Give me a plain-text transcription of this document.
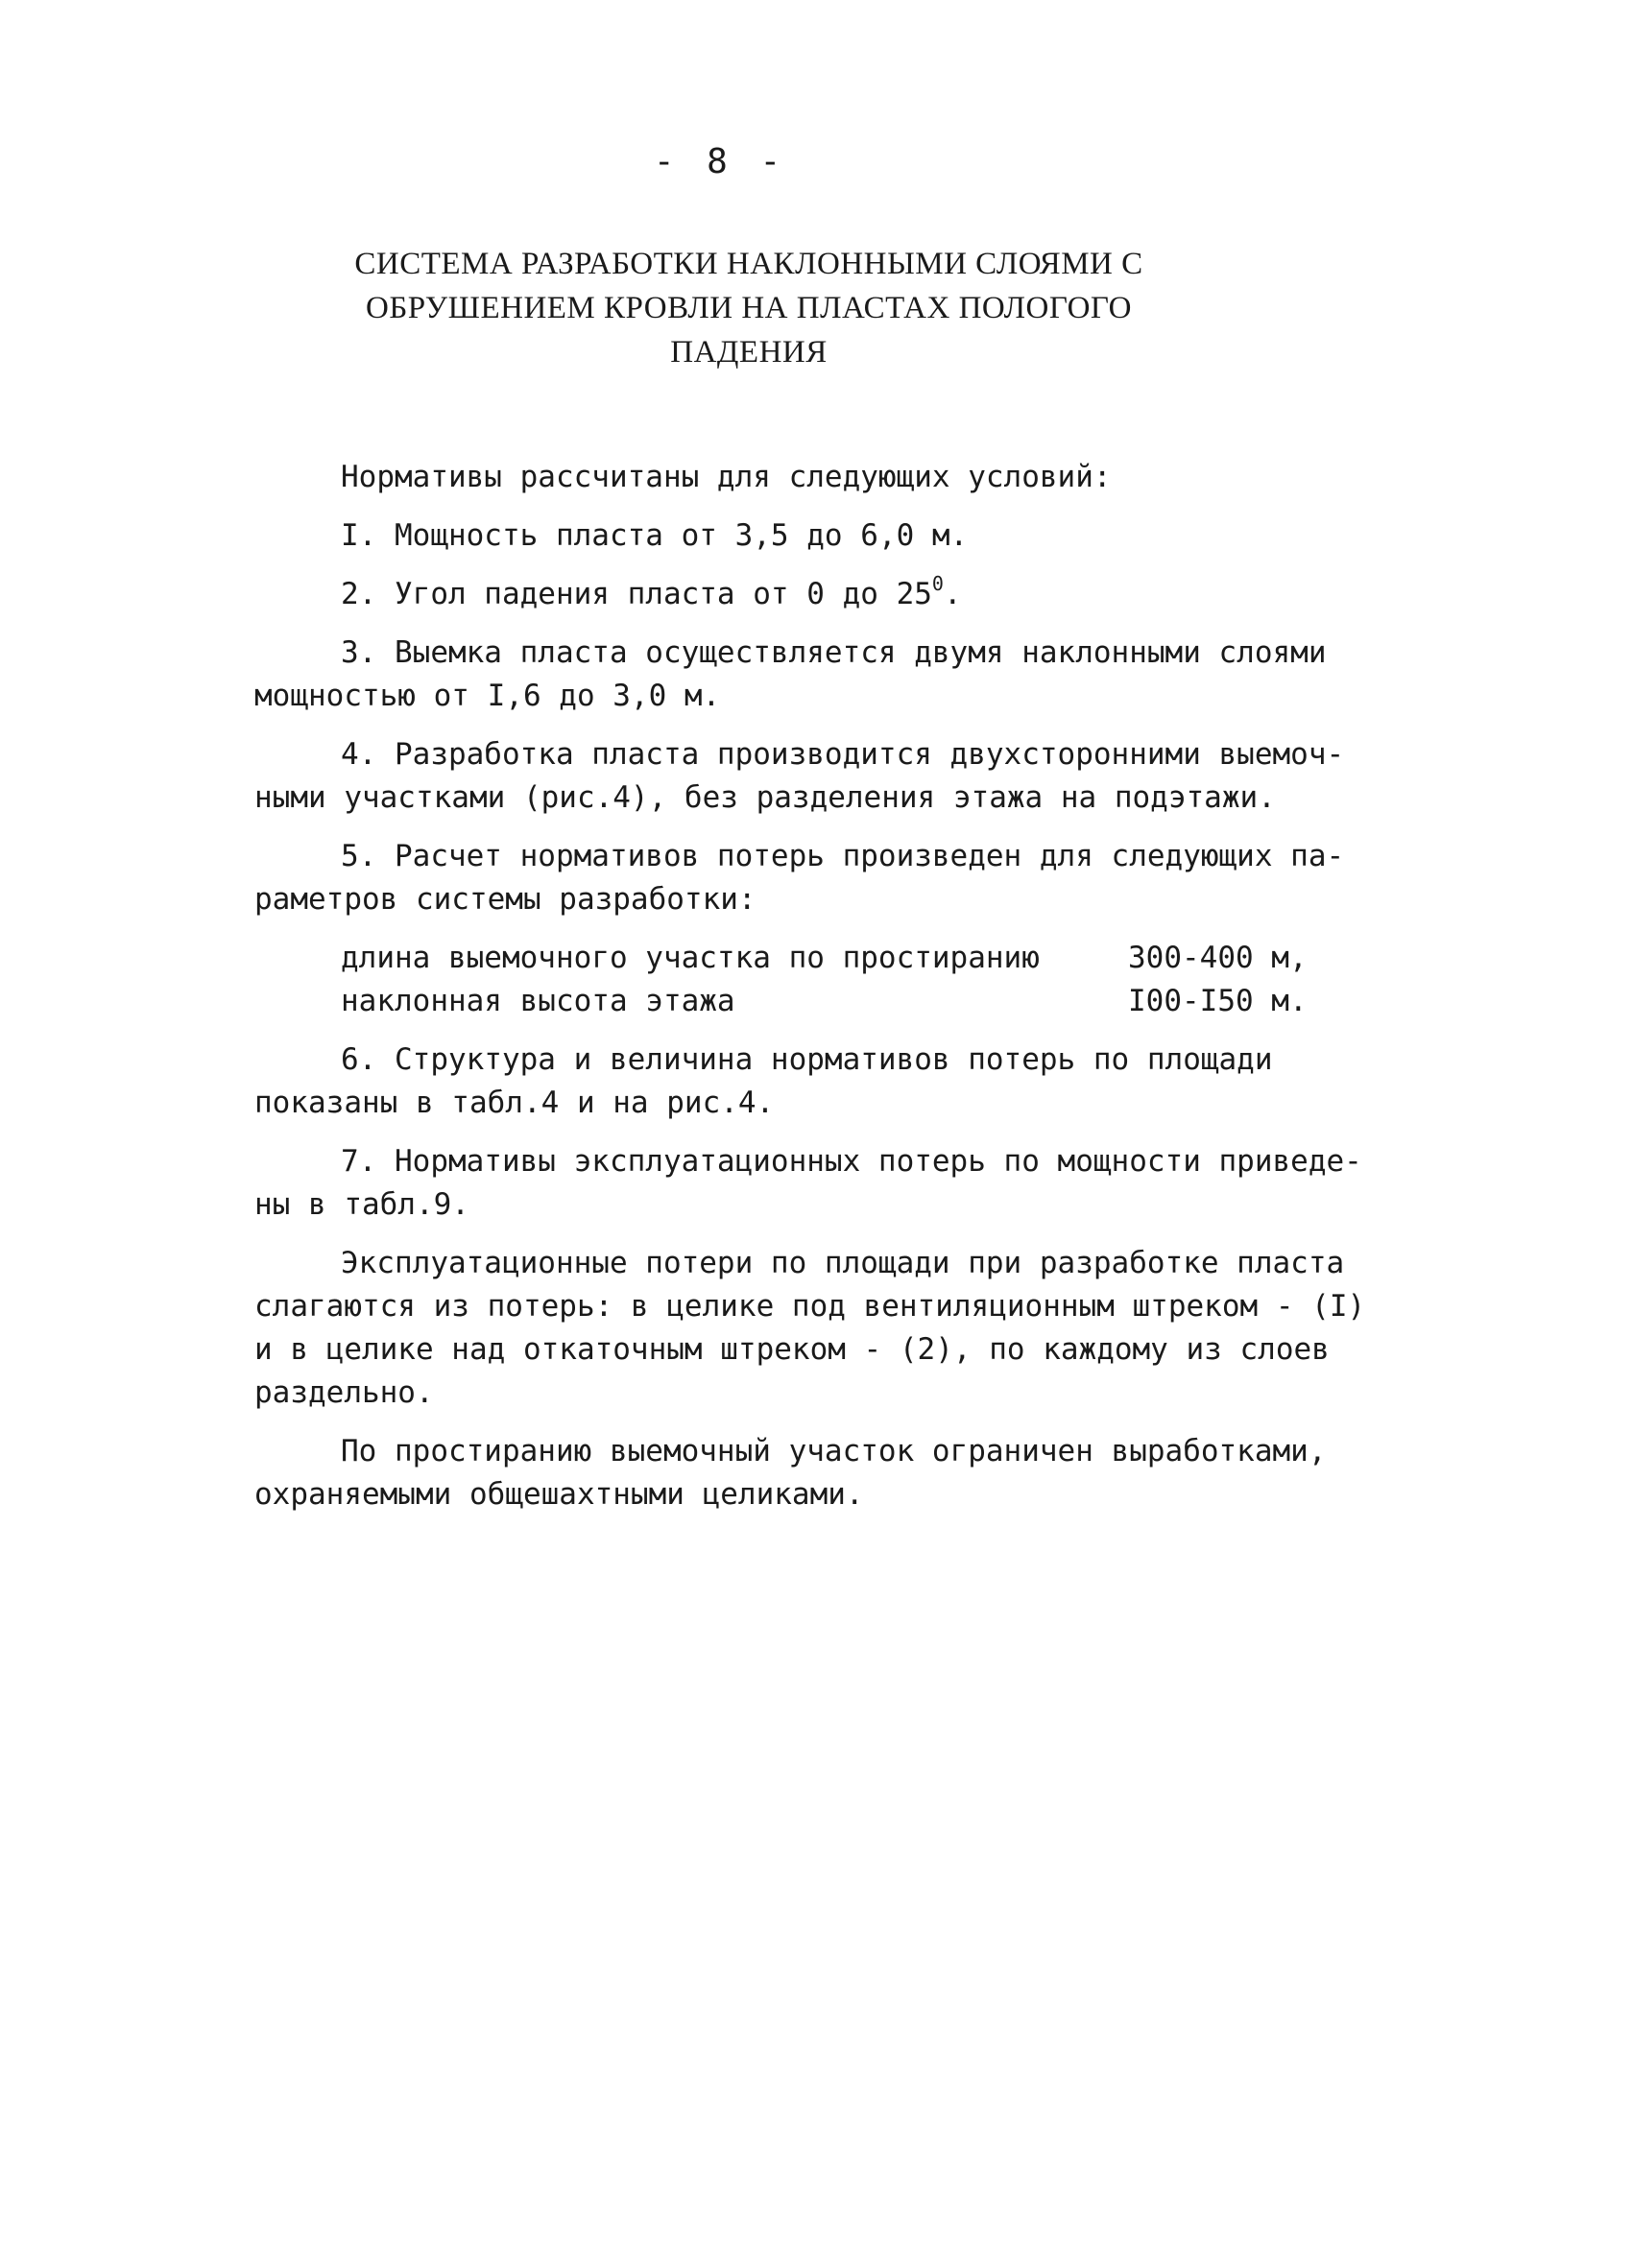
- 8 -
СИСТЕМА РАЗРАБОТКИ НАКЛОННЫМИ СЛОЯМИ С
ОБРУШЕНИЕМ КРОВЛИ НА ПЛАСТАХ ПОЛОГОГО
ПАДЕНИЯ

Нормативы рассчитаны для следующих условий:

I. Мощность пласта от 3,5 до 6,0 м.

2. Угол падения пласта от 0 до $25^0$.

3. Выемка пласта осуществляется двумя наклонными слоями

мощностью от I,6 до 3,0 м.

4. Разработка пласта производится двухсторонними выемоч-

ными участками (рис.4), без разделения этажа на подэтажи.

5. Расчет нормативов потерь произведен для следующих па-

раметров системы разработки:

длина выемочного участка по простиранию	300-400 м,
наклонная высота этажа	I00-I50 м.

6. Структура и величина нормативов потерь по площади

показаны в табл.4 и на рис.4.

7. Нормативы эксплуатационных потерь по мощности приведе-

ны в табл.9.

Эксплуатационные потери по площади при разработке пласта

слагаются из потерь: в целике под вентиляционным штреком - (I)

и в целике над откаточным штреком - (2), по каждому из слоев

раздельно.

По простиранию выемочный участок ограничен выработками,

охраняемыми общешахтными целиками.
